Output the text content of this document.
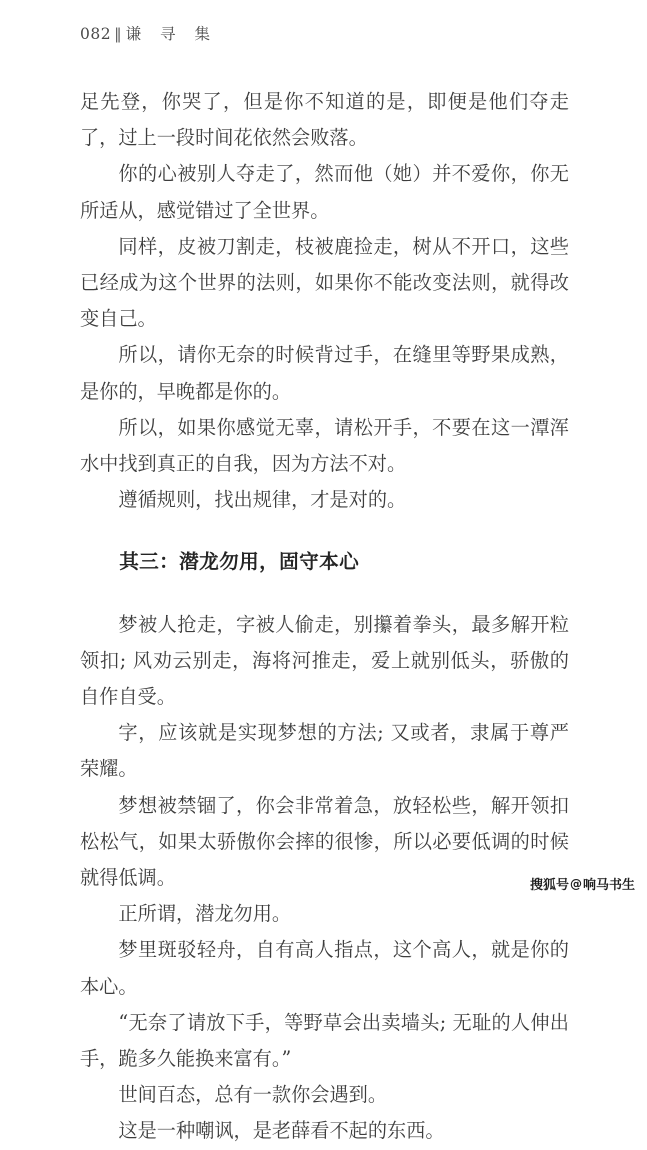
082 ‖ 谦 寻 集

足先登，你哭了，但是你不知道的是，即便是他们夺走了，过上一段时间花依然会败落。

你的心被别人夺走了，然而他（她）并不爱你，你无所适从，感觉错过了全世界。

同样，皮被刀割走，枝被鹿捡走，树从不开口，这些已经成为这个世界的法则，如果你不能改变法则，就得改变自己。

所以，请你无奈的时候背过手，在缝里等野果成熟，是你的，早晚都是你的。

所以，如果你感觉无辜，请松开手，不要在这一潭浑水中找到真正的自我，因为方法不对。

遵循规则，找出规律，才是对的。

其三：潜龙勿用，固守本心

梦被人抢走，字被人偷走，别攥着拳头，最多解开粒领扣; 风劝云别走，海将河推走，爱上就别低头，骄傲的自作自受。

字，应该就是实现梦想的方法; 又或者，隶属于尊严荣耀。

梦想被禁锢了，你会非常着急，放轻松些，解开领扣松松气，如果太骄傲你会摔的很惨，所以必要低调的时候就得低调。

正所谓，潜龙勿用。

梦里斑驳轻舟，自有高人指点，这个高人，就是你的本心。

“无奈了请放下手，等野草会出卖墙头; 无耻的人伸出手，跪多久能换来富有。”

世间百态，总有一款你会遇到。

这是一种嘲讽，是老薛看不起的东西。

搜狐号 @ 响马书生
